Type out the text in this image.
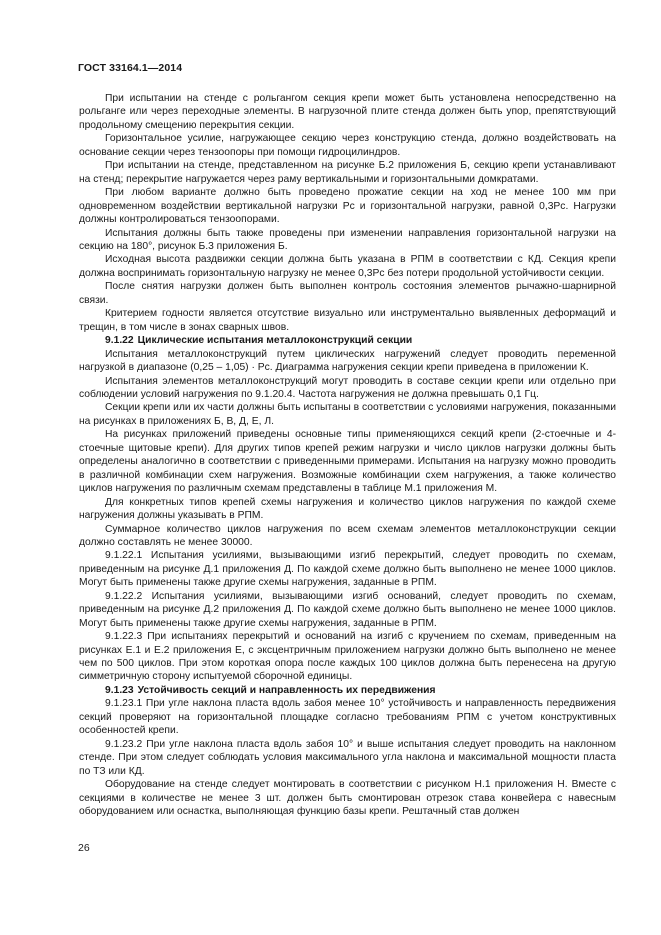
ГОСТ 33164.1—2014

При испытании на стенде с рольгангом секция крепи может быть установлена непосредственно на рольганге или через переходные элементы. В нагрузочной плите стенда должен быть упор, препятствующий продольному смещению перекрытия секции.

Горизонтальное усилие, нагружающее секцию через конструкцию стенда, должно воздействовать на основание секции через тензоопоры при помощи гидроцилиндров.

При испытании на стенде, представленном на рисунке Б.2 приложения Б, секцию крепи устанавливают на стенд; перекрытие нагружается через раму вертикальными и горизонтальными домкратами.

При любом варианте должно быть проведено прожатие секции на ход не менее 100 мм при одновременном воздействии вертикальной нагрузки Pс и горизонтальной нагрузки, равной 0,3Pс. Нагрузки должны контролироваться тензоопорами.

Испытания должны быть также проведены при изменении направления горизонтальной нагрузки на секцию на 180°, рисунок Б.3 приложения Б.

Исходная высота раздвижки секции должна быть указана в РПМ в соответствии с КД. Секция крепи должна воспринимать горизонтальную нагрузку не менее 0,3Pс без потери продольной устойчивости секции.

После снятия нагрузки должен быть выполнен контроль состояния элементов рычажно-шарнирной связи.

Критерием годности является отсутствие визуально или инструментально выявленных деформаций и трещин, в том числе в зонах сварных швов.

9.1.22 Циклические испытания металлоконструкций секции

Испытания металлоконструкций путем циклических нагружений следует проводить переменной нагрузкой в диапазоне (0,25 – 1,05) · Pс. Диаграмма нагружения секции крепи приведена в приложении К.

Испытания элементов металлоконструкций могут проводить в составе секции крепи или отдельно при соблюдении условий нагружения по 9.1.20.4. Частота нагружения не должна превышать 0,1 Гц.

Секции крепи или их части должны быть испытаны в соответствии с условиями нагружения, показанными на рисунках в приложениях Б, В, Д, Е, Л.

На рисунках приложений приведены основные типы применяющихся секций крепи (2-стоечные и 4-стоечные щитовые крепи). Для других типов крепей режим нагрузки и число циклов нагрузки должны быть определены аналогично в соответствии с приведенными примерами. Испытания на нагрузку можно проводить в различной комбинации схем нагружения. Возможные комбинации схем нагружения, а также количество циклов нагружения по различным схемам представлены в таблице М.1 приложения М.

Для конкретных типов крепей схемы нагружения и количество циклов нагружения по каждой схеме нагружения должны указывать в РПМ.

Суммарное количество циклов нагружения по всем схемам элементов металлоконструкции секции должно составлять не менее 30000.

9.1.22.1 Испытания усилиями, вызывающими изгиб перекрытий, следует проводить по схемам, приведенным на рисунке Д.1 приложения Д. По каждой схеме должно быть выполнено не менее 1000 циклов. Могут быть применены также другие схемы нагружения, заданные в РПМ.

9.1.22.2 Испытания усилиями, вызывающими изгиб оснований, следует проводить по схемам, приведенным на рисунке Д.2 приложения Д. По каждой схеме должно быть выполнено не менее 1000 циклов. Могут быть применены также другие схемы нагружения, заданные в РПМ.

9.1.22.3 При испытаниях перекрытий и оснований на изгиб с кручением по схемам, приведенным на рисунках Е.1 и Е.2 приложения Е, с эксцентричным приложением нагрузки должно быть выполнено не менее чем по 500 циклов. При этом короткая опора после каждых 100 циклов должна быть перенесена на другую симметричную сторону испытуемой сборочной единицы.

9.1.23 Устойчивость секций и направленность их передвижения

9.1.23.1 При угле наклона пласта вдоль забоя менее 10° устойчивость и направленность передвижения секций проверяют на горизонтальной площадке согласно требованиям РПМ с учетом конструктивных особенностей крепи.

9.1.23.2 При угле наклона пласта вдоль забоя 10° и выше испытания следует проводить на наклонном стенде. При этом следует соблюдать условия максимального угла наклона и максимальной мощности пласта по ТЗ или КД.

Оборудование на стенде следует монтировать в соответствии с рисунком Н.1 приложения Н. Вместе с секциями в количестве не менее 3 шт. должен быть смонтирован отрезок става конвейера с навесным оборудованием или оснастка, выполняющая функцию базы крепи. Рештачный став должен

26
